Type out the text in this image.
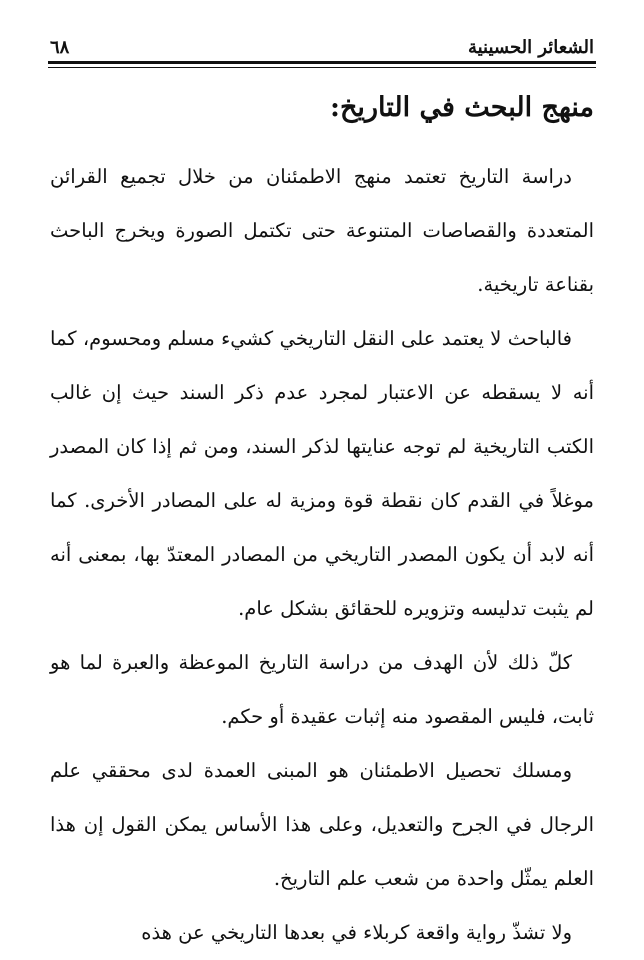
الشعائر الحسينية
٦٨
منهج البحث في التاريخ:

دراسة التاريخ تعتمد منهج الاطمئنان من خلال تجميع القرائن المتعددة والقصاصات المتنوعة حتى تكتمل الصورة ويخرج الباحث بقناعة تاريخية.

فالباحث لا يعتمد على النقل التاريخي كشيء مسلم ومحسوم، كما أنه لا يسقطه عن الاعتبار لمجرد عدم ذكر السند حيث إن غالب الكتب التاريخية لم توجه عنايتها لذكر السند، ومن ثم إذا كان المصدر موغلاً في القدم كان نقطة قوة ومزية له على المصادر الأخرى. كما أنه لابد أن يكون المصدر التاريخي من المصادر المعتدّ بها، بمعنى أنه لم يثبت تدليسه وتزويره للحقائق بشكل عام.

كلّ ذلك لأن الهدف من دراسة التاريخ الموعظة والعبرة لما هو ثابت، فليس المقصود منه إثبات عقيدة أو حكم.

ومسلك تحصيل الاطمئنان هو المبنى العمدة لدى محققي علم الرجال في الجرح والتعديل، وعلى هذا الأساس يمكن القول إن هذا العلم يمثّل واحدة من شعب علم التاريخ.

ولا تشذّ رواية واقعة كربلاء في بعدها التاريخي عن هذه
